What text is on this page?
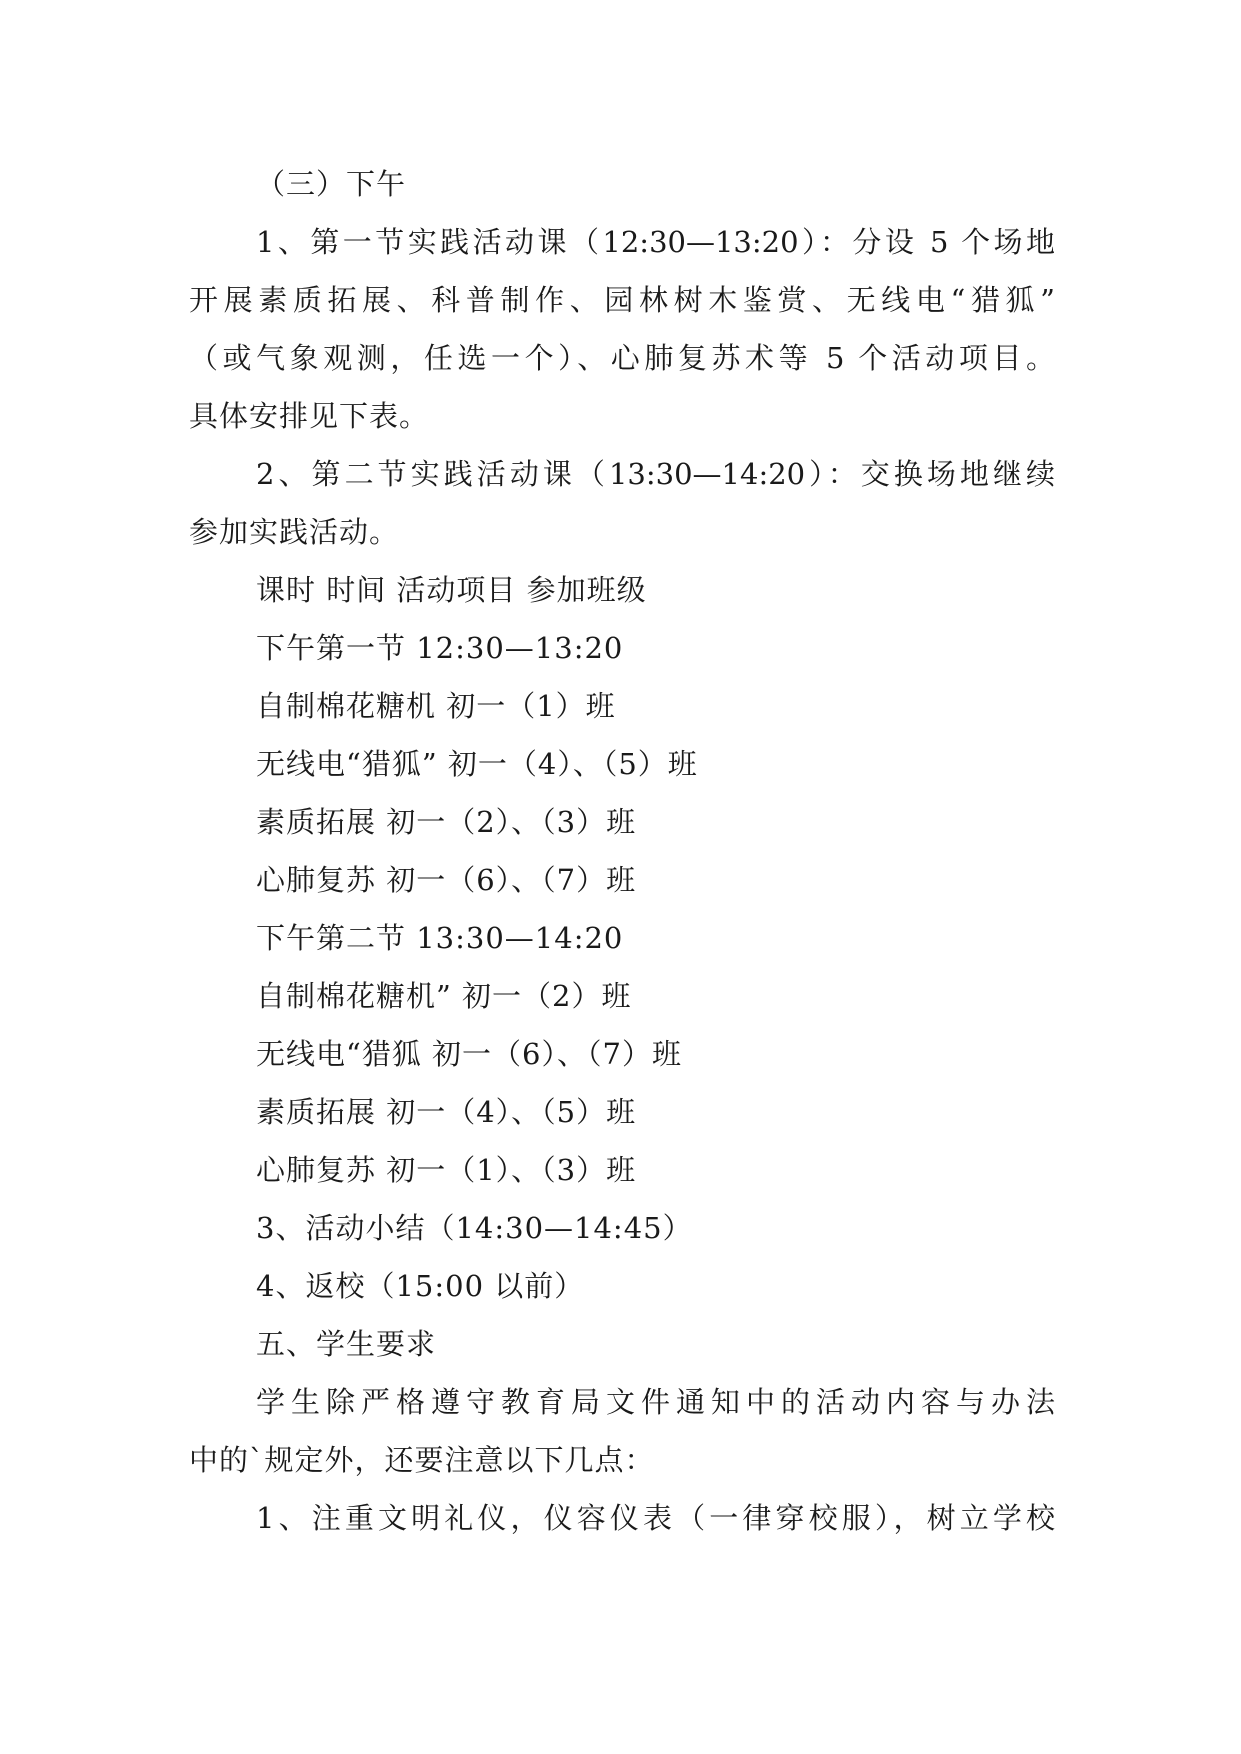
（三）下午
1、第一节实践活动课（12:30—13:20）：分设 5 个场地
开展素质拓展、科普制作、园林树木鉴赏、无线电“猎狐”
（或气象观测，任选一个）、心肺复苏术等 5 个活动项目。
具体安排见下表。
2、第二节实践活动课（13:30—14:20）：交换场地继续
参加实践活动。
课时 时间 活动项目 参加班级
下午第一节 12:30—13:20
自制棉花糖机 初一（1）班
无线电“猎狐” 初一（4）、（5）班
素质拓展 初一（2）、（3）班
心肺复苏 初一（6）、（7）班
下午第二节 13:30—14:20
自制棉花糖机” 初一（2）班
无线电“猎狐 初一（6）、（7）班
素质拓展 初一（4）、（5）班
心肺复苏 初一（1）、（3）班
3、活动小结（14:30—14:45）
4、返校（15:00 以前）
五、学生要求
学生除严格遵守教育局文件通知中的活动内容与办法
中的`规定外，还要注意以下几点：
1、注重文明礼仪，仪容仪表（一律穿校服），树立学校
